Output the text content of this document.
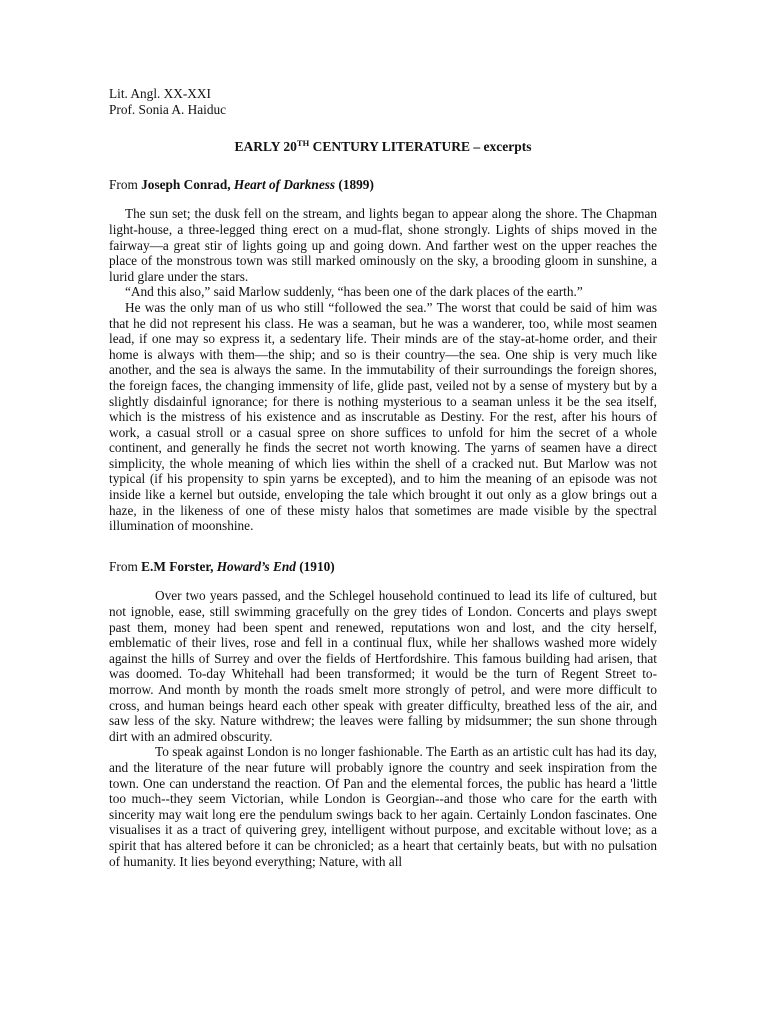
Lit. Angl. XX-XXI

Prof. Sonia A. Haiduc

EARLY 20TH CENTURY LITERATURE – excerpts

From Joseph Conrad, Heart of Darkness (1899)

The sun set; the dusk fell on the stream, and lights began to appear along the shore. The Chapman light-house, a three-legged thing erect on a mud-flat, shone strongly. Lights of ships moved in the fairway—a great stir of lights going up and going down. And farther west on the upper reaches the place of the monstrous town was still marked ominously on the sky, a brooding gloom in sunshine, a lurid glare under the stars.

“And this also,” said Marlow suddenly, “has been one of the dark places of the earth.”

He was the only man of us who still “followed the sea.” The worst that could be said of him was that he did not represent his class. He was a seaman, but he was a wanderer, too, while most seamen lead, if one may so express it, a sedentary life. Their minds are of the stay-at-home order, and their home is always with them—the ship; and so is their country—the sea. One ship is very much like another, and the sea is always the same. In the immutability of their surroundings the foreign shores, the foreign faces, the changing immensity of life, glide past, veiled not by a sense of mystery but by a slightly disdainful ignorance; for there is nothing mysterious to a seaman unless it be the sea itself, which is the mistress of his existence and as inscrutable as Destiny. For the rest, after his hours of work, a casual stroll or a casual spree on shore suffices to unfold for him the secret of a whole continent, and generally he finds the secret not worth knowing. The yarns of seamen have a direct simplicity, the whole meaning of which lies within the shell of a cracked nut. But Marlow was not typical (if his propensity to spin yarns be excepted), and to him the meaning of an episode was not inside like a kernel but outside, enveloping the tale which brought it out only as a glow brings out a haze, in the likeness of one of these misty halos that sometimes are made visible by the spectral illumination of moonshine.

From E.M Forster, Howard’s End (1910)

Over two years passed, and the Schlegel household continued to lead its life of cultured, but not ignoble, ease, still swimming gracefully on the grey tides of London. Concerts and plays swept past them, money had been spent and renewed, reputations won and lost, and the city herself, emblematic of their lives, rose and fell in a continual flux, while her shallows washed more widely against the hills of Surrey and over the fields of Hertfordshire. This famous building had arisen, that was doomed. To-day Whitehall had been transformed; it would be the turn of Regent Street to-morrow. And month by month the roads smelt more strongly of petrol, and were more difficult to cross, and human beings heard each other speak with greater difficulty, breathed less of the air, and saw less of the sky. Nature withdrew; the leaves were falling by midsummer; the sun shone through dirt with an admired obscurity.

To speak against London is no longer fashionable. The Earth as an artistic cult has had its day, and the literature of the near future will probably ignore the country and seek inspiration from the town. One can understand the reaction. Of Pan and the elemental forces, the public has heard a 'little too much--they seem Victorian, while London is Georgian--and those who care for the earth with sincerity may wait long ere the pendulum swings back to her again. Certainly London fascinates. One visualises it as a tract of quivering grey, intelligent without purpose, and excitable without love; as a spirit that has altered before it can be chronicled; as a heart that certainly beats, but with no pulsation of humanity. It lies beyond everything; Nature, with all
